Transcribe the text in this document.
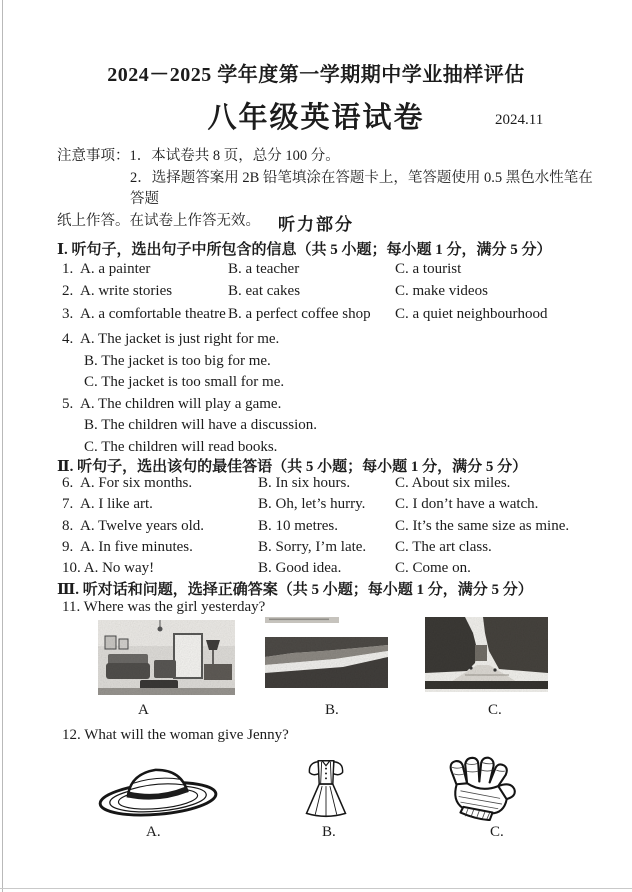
2024－2025 学年度第一学期期中学业抽样评估
八年级英语试卷	2024.11
注意事项：1．本试卷共 8 页，总分 100 分。
2．选择题答案用 2B 铅笔填涂在答题卡上，笔答题使用 0.5 黑色水性笔在答题
纸上作答。在试卷上作答无效。	听力部分
Ⅰ. 听句子，选出句子中所包含的信息（共 5 小题；每小题 1 分，满分 5 分）
1. A. a painter	B. a teacher	C. a tourist
2. A. write stories	B. eat cakes	C. make videos
3. A. a comfortable theatre B. a perfect coffee shop	C. a quiet neighbourhood
4. A. The jacket is just right for me.
B. The jacket is too big for me.
C. The jacket is too small for me.
5. A. The children will play a game.
B. The children will have a discussion.
C. The children will read books.
Ⅱ. 听句子，选出该句的最佳答语（共 5 小题；每小题 1 分，满分 5 分）
6. A. For six months.	B. In six hours.	C. About six miles.
7. A. I like art.	B. Oh, let’s hurry.	C. I don’t have a watch.
8. A. Twelve years old.	B. 10 metres.	C. It’s the same size as mine.
9. A. In five minutes.	B. Sorry, I’m late.	C. The art class.
10. A. No way!	B. Good idea.	C. Come on.
Ⅲ. 听对话和问题，选择正确答案（共 5 小题；每小题 1 分，满分 5 分）
11. Where was the girl yesterday?
A	B.	C.
12. What will the woman give Jenny?
A.	B.	C.
